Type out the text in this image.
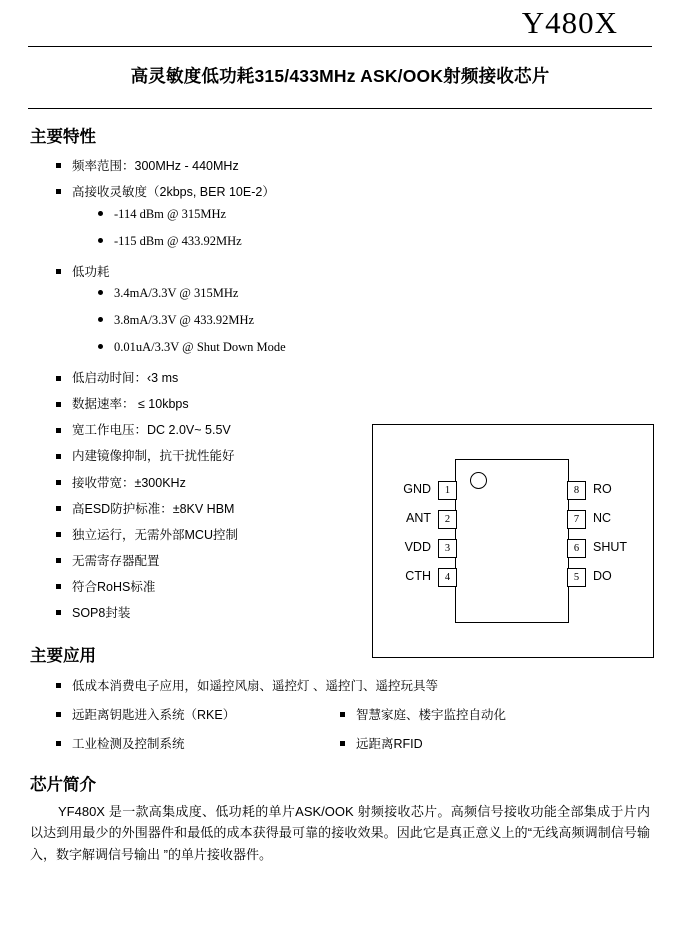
Y480X
高灵敏度低功耗315/433MHz ASK/OOK射频接收芯片
主要特性
频率范围：300MHz - 440MHz
高接收灵敏度（2kbps, BER 10E-2）
-114 dBm @ 315MHz
-115 dBm @ 433.92MHz
低功耗
3.4mA/3.3V @ 315MHz
3.8mA/3.3V @ 433.92MHz
0.01uA/3.3V @ Shut Down Mode
低启动时间：‹3 ms
数据速率： ≤ 10kbps
宽工作电压：DC 2.0V~ 5.5V
内建镜像抑制，抗干扰性能好
接收带宽：±300KHz
高ESD防护标准：±8KV HBM
独立运行，无需外部MCU控制
无需寄存器配置
符合RoHS标准
SOP8封装
1
GND
2
ANT
3
VDD
4
CTH
8	RO
7	NC
6	SHUT
5	DO
主要应用
低成本消费电子应用，如遥控风扇、遥控灯 、遥控门、遥控玩具等
远距离钥匙进入系统（RKE）
工业检测及控制系统
智慧家庭、楼宇监控自动化
远距离RFID
芯片简介

YF480X 是一款高集成度、低功耗的单片ASK/OOK 射频接收芯片。高频信号接收功能全部集成于片内以达到用最少的外围器件和最低的成本获得最可靠的接收效果。因此它是真正意义上的“无线高频调制信号输入，数字解调信号输出 ”的单片接收器件。
